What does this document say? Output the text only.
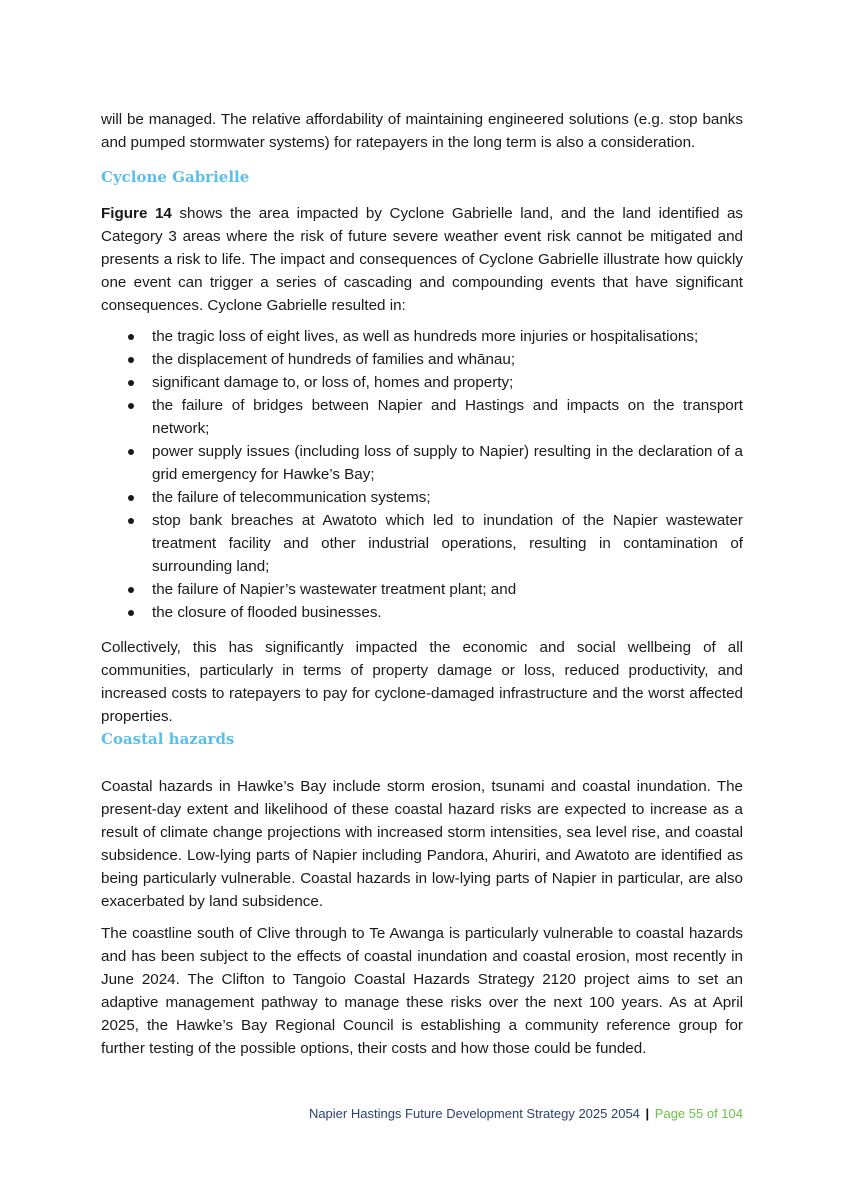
will be managed. The relative affordability of maintaining engineered solutions (e.g. stop banks and pumped stormwater systems) for ratepayers in the long term is also a consideration.

Cyclone Gabrielle

Figure 14 shows the area impacted by Cyclone Gabrielle land, and the land identified as Category 3 areas where the risk of future severe weather event risk cannot be mitigated and presents a risk to life. The impact and consequences of Cyclone Gabrielle illustrate how quickly one event can trigger a series of cascading and compounding events that have significant consequences. Cyclone Gabrielle resulted in:

the tragic loss of eight lives, as well as hundreds more injuries or hospitalisations;
the displacement of hundreds of families and whānau;
significant damage to, or loss of, homes and property;
the failure of bridges between Napier and Hastings and impacts on the transport network;
power supply issues (including loss of supply to Napier) resulting in the declaration of a grid emergency for Hawke’s Bay;
the failure of telecommunication systems;
stop bank breaches at Awatoto which led to inundation of the Napier wastewater treatment facility and other industrial operations, resulting in contamination of surrounding land;
the failure of Napier’s wastewater treatment plant; and
the closure of flooded businesses.

Collectively, this has significantly impacted the economic and social wellbeing of all communities, particularly in terms of property damage or loss, reduced productivity, and increased costs to ratepayers to pay for cyclone-damaged infrastructure and the worst affected properties.

Coastal hazards

Coastal hazards in Hawke’s Bay include storm erosion, tsunami and coastal inundation. The present-day extent and likelihood of these coastal hazard risks are expected to increase as a result of climate change projections with increased storm intensities, sea level rise, and coastal subsidence. Low-lying parts of Napier including Pandora, Ahuriri, and Awatoto are identified as being particularly vulnerable. Coastal hazards in low-lying parts of Napier in particular, are also exacerbated by land subsidence.

The coastline south of Clive through to Te Awanga is particularly vulnerable to coastal hazards and has been subject to the effects of coastal inundation and coastal erosion, most recently in June 2024. The Clifton to Tangoio Coastal Hazards Strategy 2120 project aims to set an adaptive management pathway to manage these risks over the next 100 years. As at April 2025, the Hawke’s Bay Regional Council is establishing a community reference group for further testing of the possible options, their costs and how those could be funded.

Napier Hastings Future Development Strategy 2025 2054 | Page 55 of 104
